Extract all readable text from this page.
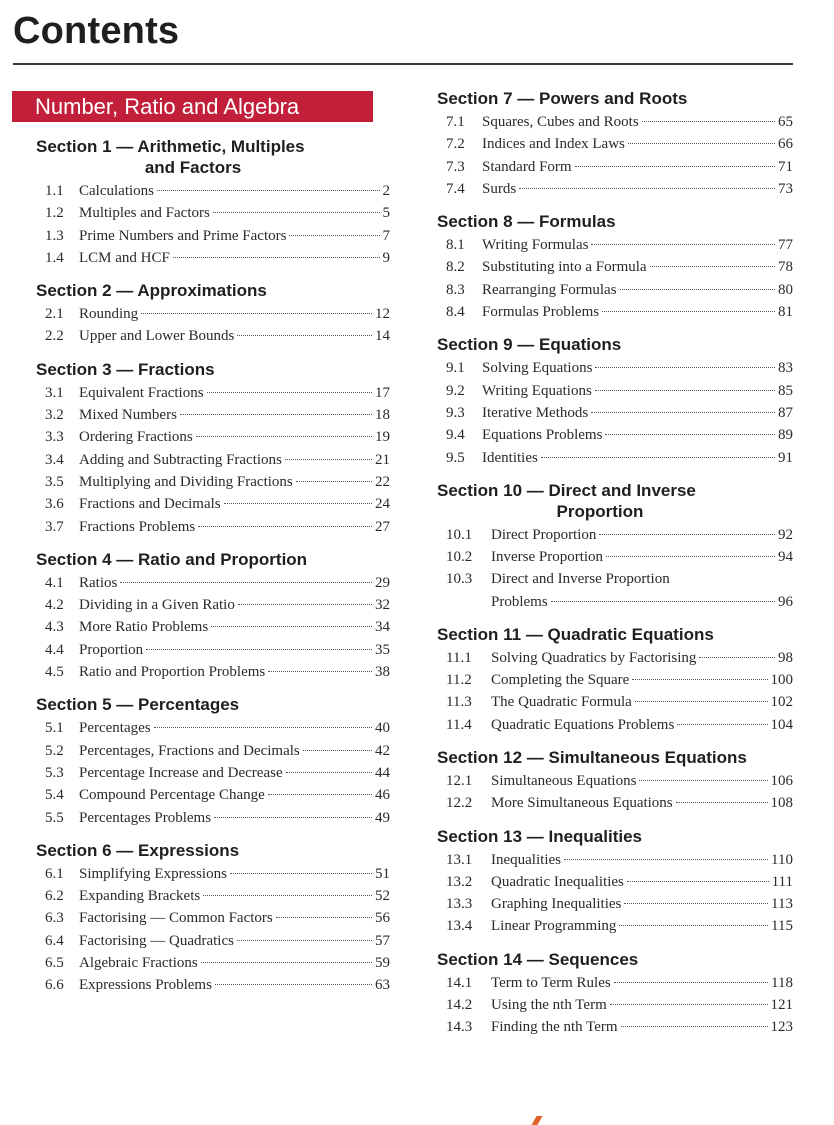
Contents
Number, Ratio and Algebra
Section 1 — Arithmetic, Multiples
and Factors
1.1	Calculations	2
1.2	Multiples and Factors	5
1.3	Prime Numbers and Prime Factors	7
1.4	LCM and HCF	9
Section 2 — Approximations
2.1	Rounding	12
2.2	Upper and Lower Bounds	14
Section 3 — Fractions
3.1	Equivalent Fractions	17
3.2	Mixed Numbers	18
3.3	Ordering Fractions	19
3.4	Adding and Subtracting Fractions	21
3.5	Multiplying and Dividing Fractions	22
3.6	Fractions and Decimals	24
3.7	Fractions Problems	27
Section 4 — Ratio and Proportion
4.1	Ratios	29
4.2	Dividing in a Given Ratio	32
4.3	More Ratio Problems	34
4.4	Proportion	35
4.5	Ratio and Proportion Problems	38
Section 5 — Percentages
5.1	Percentages	40
5.2	Percentages, Fractions and Decimals	42
5.3	Percentage Increase and Decrease	44
5.4	Compound Percentage Change	46
5.5	Percentages Problems	49
Section 6 — Expressions
6.1	Simplifying Expressions	51
6.2	Expanding Brackets	52
6.3	Factorising — Common Factors	56
6.4	Factorising — Quadratics	57
6.5	Algebraic Fractions	59
6.6	Expressions Problems	63
Section 7 — Powers and Roots
7.1	Squares, Cubes and Roots	65
7.2	Indices and Index Laws	66
7.3	Standard Form	71
7.4	Surds	73
Section 8 — Formulas
8.1	Writing Formulas	77
8.2	Substituting into a Formula	78
8.3	Rearranging Formulas	80
8.4	Formulas Problems	81
Section 9 — Equations
9.1	Solving Equations	83
9.2	Writing Equations	85
9.3	Iterative Methods	87
9.4	Equations Problems	89
9.5	Identities	91
Section 10 — Direct and Inverse
Proportion
10.1	Direct Proportion	92
10.2	Inverse Proportion	94
10.3	Direct and Inverse Proportion
Problems	96
Section 11 — Quadratic Equations
11.1	Solving Quadratics by Factorising	98
11.2	Completing the Square	100
11.3	The Quadratic Formula	102
11.4	Quadratic Equations Problems	104
Section 12 — Simultaneous Equations
12.1	Simultaneous Equations	106
12.2	More Simultaneous Equations	108
Section 13 — Inequalities
13.1	Inequalities	110
13.2	Quadratic Inequalities	111
13.3	Graphing Inequalities	113
13.4	Linear Programming	115
Section 14 — Sequences
14.1	Term to Term Rules	118
14.2	Using the nth Term	121
14.3	Finding the nth Term	123
